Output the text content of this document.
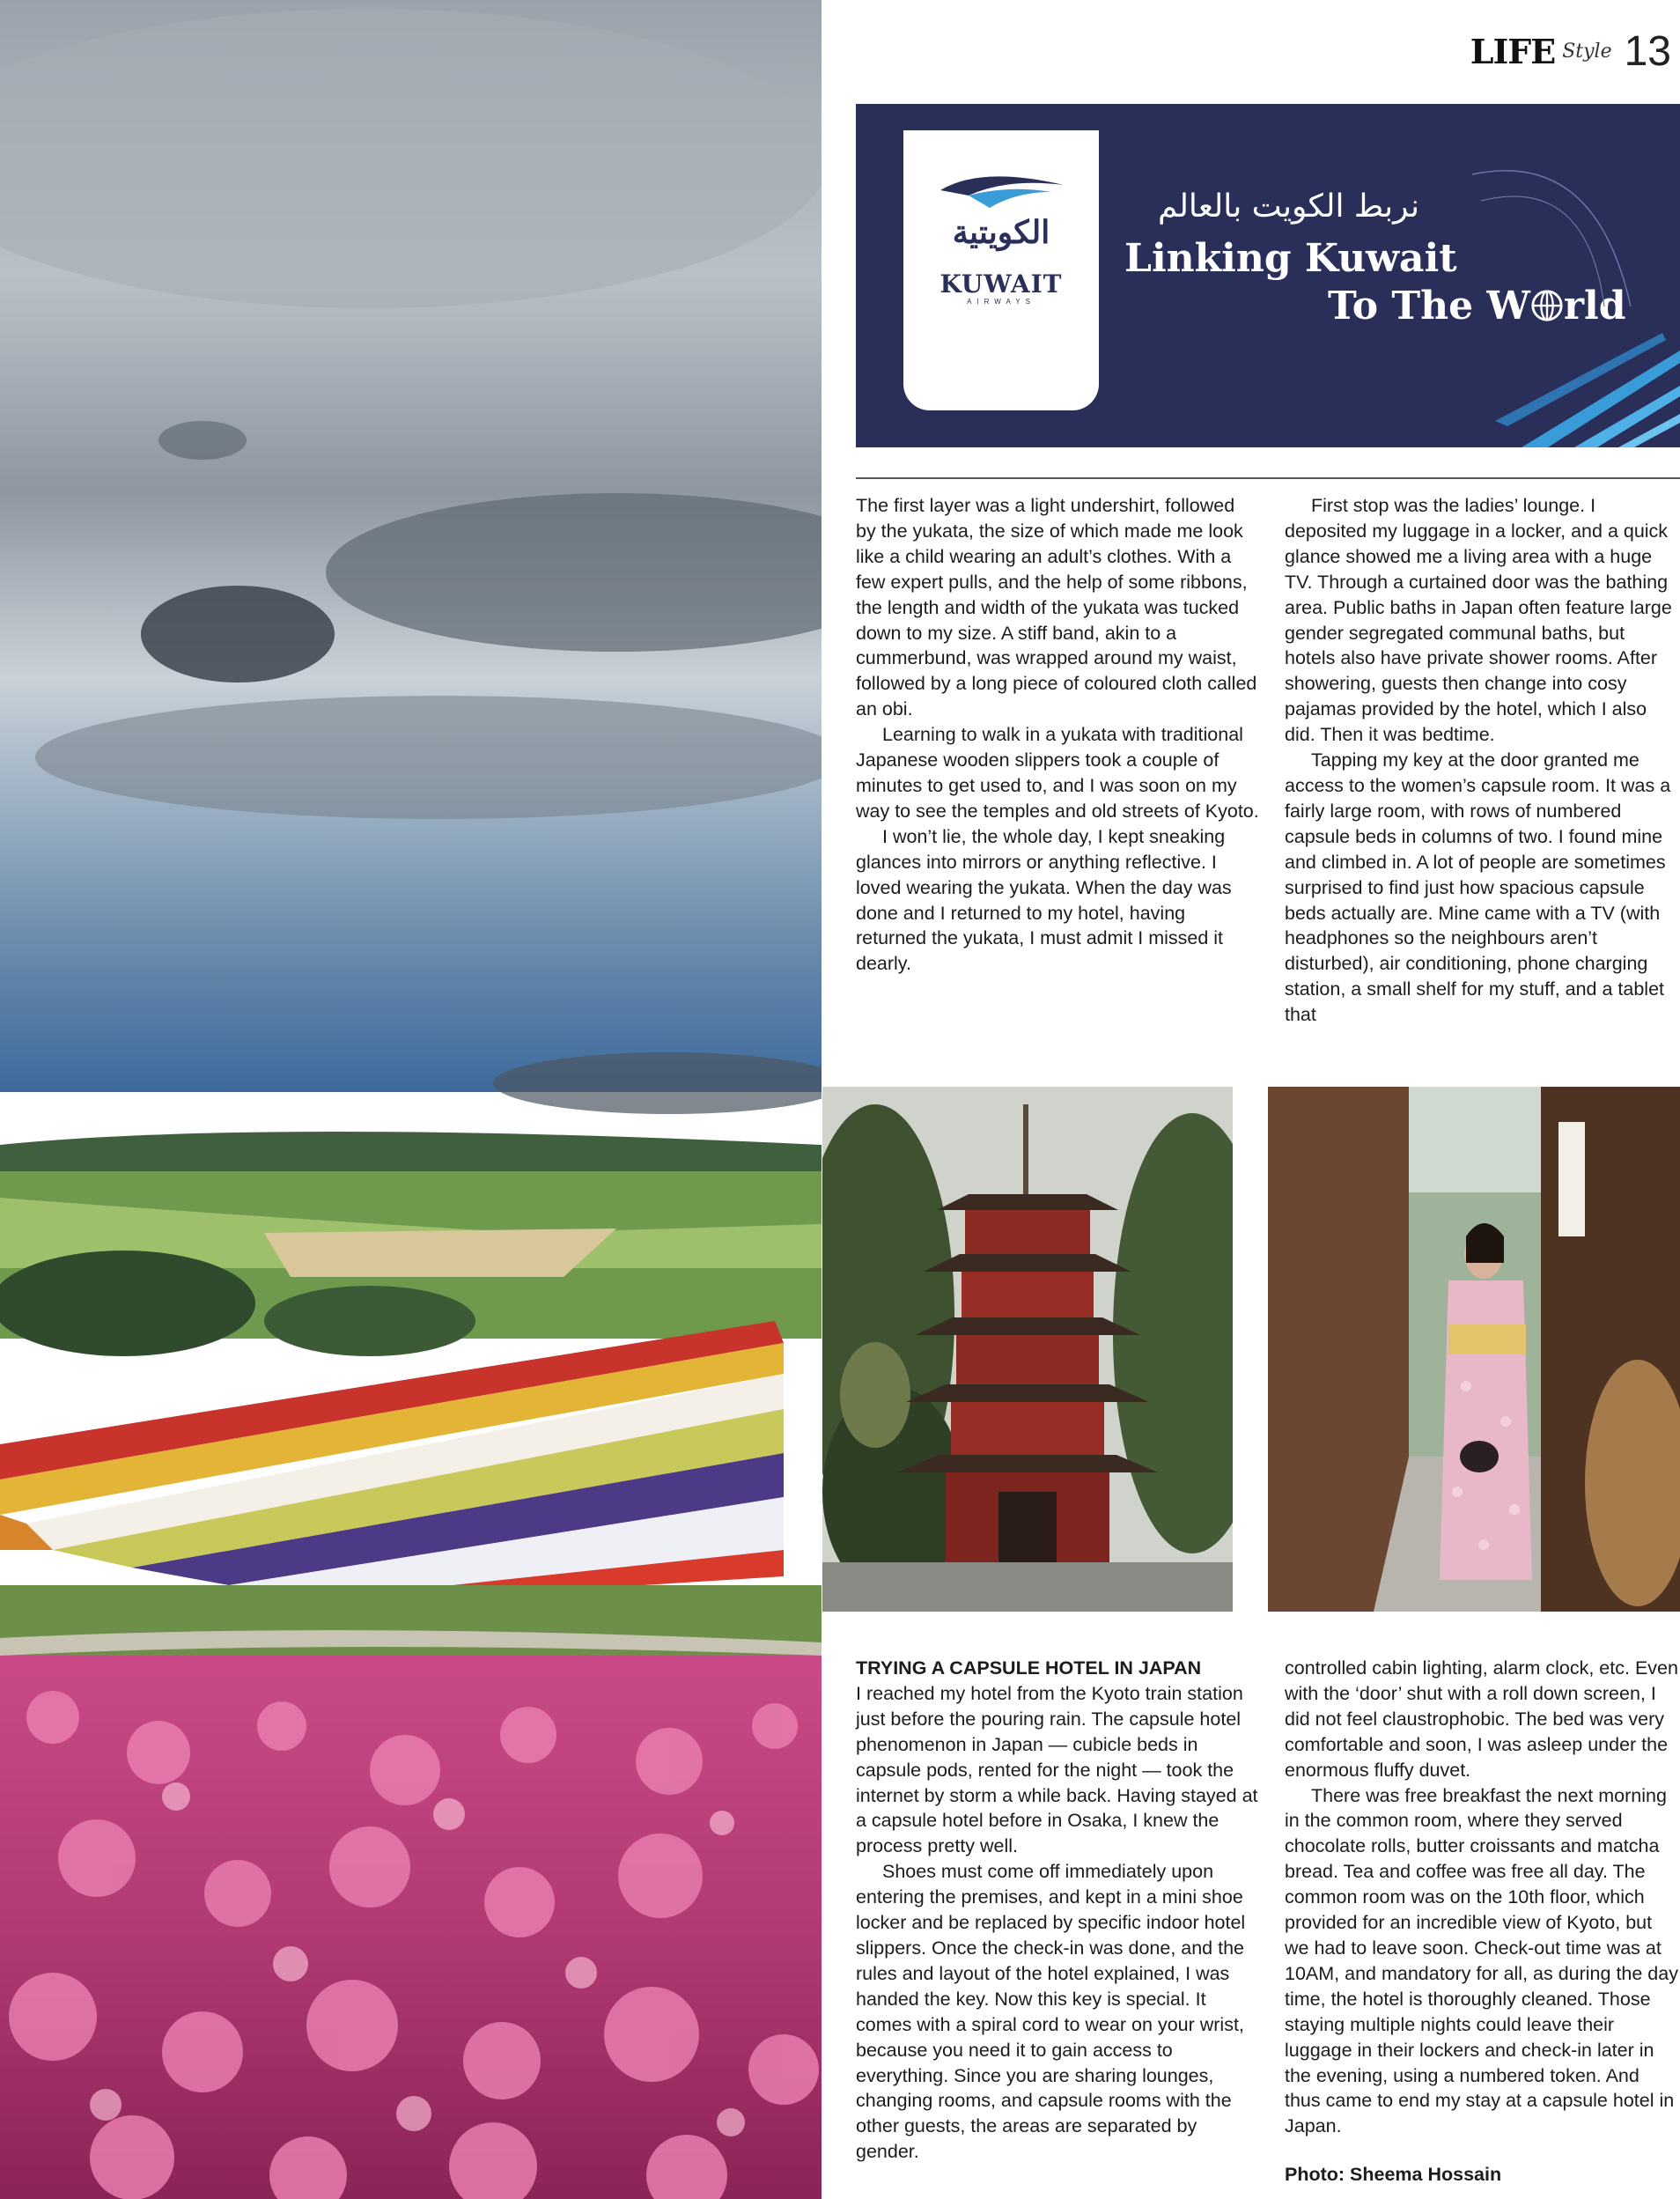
LIFE Style 13
الكويتية
KUWAIT
AIRWAYS
نربط الكويت بالعالم
Linking Kuwait
To The W rld

The first layer was a light undershirt, followed by the yukata, the size of which made me look like a child wearing an adult’s clothes. With a few expert pulls, and the help of some ribbons, the length and width of the yukata was tucked down to my size. A stiff band, akin to a cummerbund, was wrapped around my waist, followed by a long piece of coloured cloth called an obi.

Learning to walk in a yukata with traditional Japanese wooden slippers took a couple of minutes to get used to, and I was soon on my way to see the temples and old streets of Kyoto.

I won’t lie, the whole day, I kept sneaking glances into mirrors or anything reflective. I loved wearing the yukata. When the day was done and I returned to my hotel, having returned the yukata, I must admit I missed it dearly.

First stop was the ladies’ lounge. I deposited my luggage in a locker, and a quick glance showed me a living area with a huge TV. Through a curtained door was the bathing area. Public baths in Japan often feature large gender segregated communal baths, but hotels also have private shower rooms. After showering, guests then change into cosy pajamas provided by the hotel, which I also did. Then it was bedtime.

Tapping my key at the door granted me access to the women’s capsule room. It was a fairly large room, with rows of numbered capsule beds in columns of two. I found mine and climbed in. A lot of people are sometimes surprised to find just how spacious capsule beds actually are. Mine came with a TV (with headphones so the neighbours aren’t disturbed), air conditioning, phone charging station, a small shelf for my stuff, and a tablet that

TRYING A CAPSULE HOTEL IN JAPAN

I reached my hotel from the Kyoto train station just before the pouring rain. The capsule hotel phenomenon in Japan — cubicle beds in capsule pods, rented for the night — took the internet by storm a while back. Having stayed at a capsule hotel before in Osaka, I knew the process pretty well.

Shoes must come off immediately upon entering the premises, and kept in a mini shoe locker and be replaced by specific indoor hotel slippers. Once the check-in was done, and the rules and layout of the hotel explained, I was handed the key. Now this key is special. It comes with a spiral cord to wear on your wrist, because you need it to gain access to everything. Since you are sharing lounges, changing rooms, and capsule rooms with the other guests, the areas are separated by gender.

controlled cabin lighting, alarm clock, etc. Even with the ‘door’ shut with a roll down screen, I did not feel claustrophobic. The bed was very comfortable and soon, I was asleep under the enormous fluffy duvet.

There was free breakfast the next morning in the common room, where they served chocolate rolls, butter croissants and matcha bread. Tea and coffee was free all day. The common room was on the 10th floor, which provided for an incredible view of Kyoto, but we had to leave soon. Check-out time was at 10AM, and mandatory for all, as during the day time, the hotel is thoroughly cleaned. Those staying multiple nights could leave their luggage in their lockers and check-in later in the evening, using a numbered token. And thus came to end my stay at a capsule hotel in Japan.

Photo: Sheema Hossain
